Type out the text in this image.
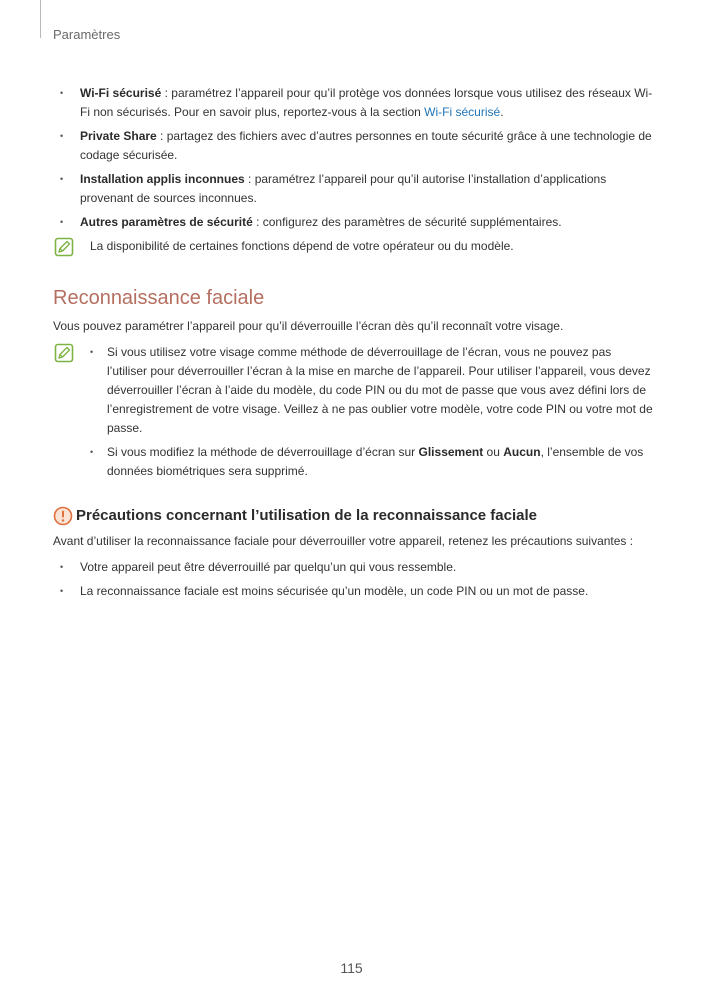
Paramètres
• Wi-Fi sécurisé : paramétrez l’appareil pour qu’il protège vos données lorsque vous utilisez des réseaux Wi-Fi non sécurisés. Pour en savoir plus, reportez-vous à la section Wi-Fi sécurisé.
• Private Share : partagez des fichiers avec d’autres personnes en toute sécurité grâce à une technologie de codage sécurisée.
• Installation applis inconnues : paramétrez l’appareil pour qu’il autorise l’installation d’applications provenant de sources inconnues.
• Autres paramètres de sécurité : configurez des paramètres de sécurité supplémentaires.
La disponibilité de certaines fonctions dépend de votre opérateur ou du modèle.
Reconnaissance faciale

Vous pouvez paramétrer l’appareil pour qu’il déverrouille l’écran dès qu’il reconnaît votre visage.

• Si vous utilisez votre visage comme méthode de déverrouillage de l’écran, vous ne pouvez pas l’utiliser pour déverrouiller l’écran à la mise en marche de l’appareil. Pour utiliser l’appareil, vous devez déverrouiller l’écran à l’aide du modèle, du code PIN ou du mot de passe que vous avez défini lors de l’enregistrement de votre visage. Veillez à ne pas oublier votre modèle, votre code PIN ou votre mot de passe.
• Si vous modifiez la méthode de déverrouillage d’écran sur Glissement ou Aucun, l’ensemble de vos données biométriques sera supprimé.
Précautions concernant l’utilisation de la reconnaissance faciale

Avant d’utiliser la reconnaissance faciale pour déverrouiller votre appareil, retenez les précautions suivantes :

• Votre appareil peut être déverrouillé par quelqu’un qui vous ressemble.
• La reconnaissance faciale est moins sécurisée qu’un modèle, un code PIN ou un mot de passe.
115
